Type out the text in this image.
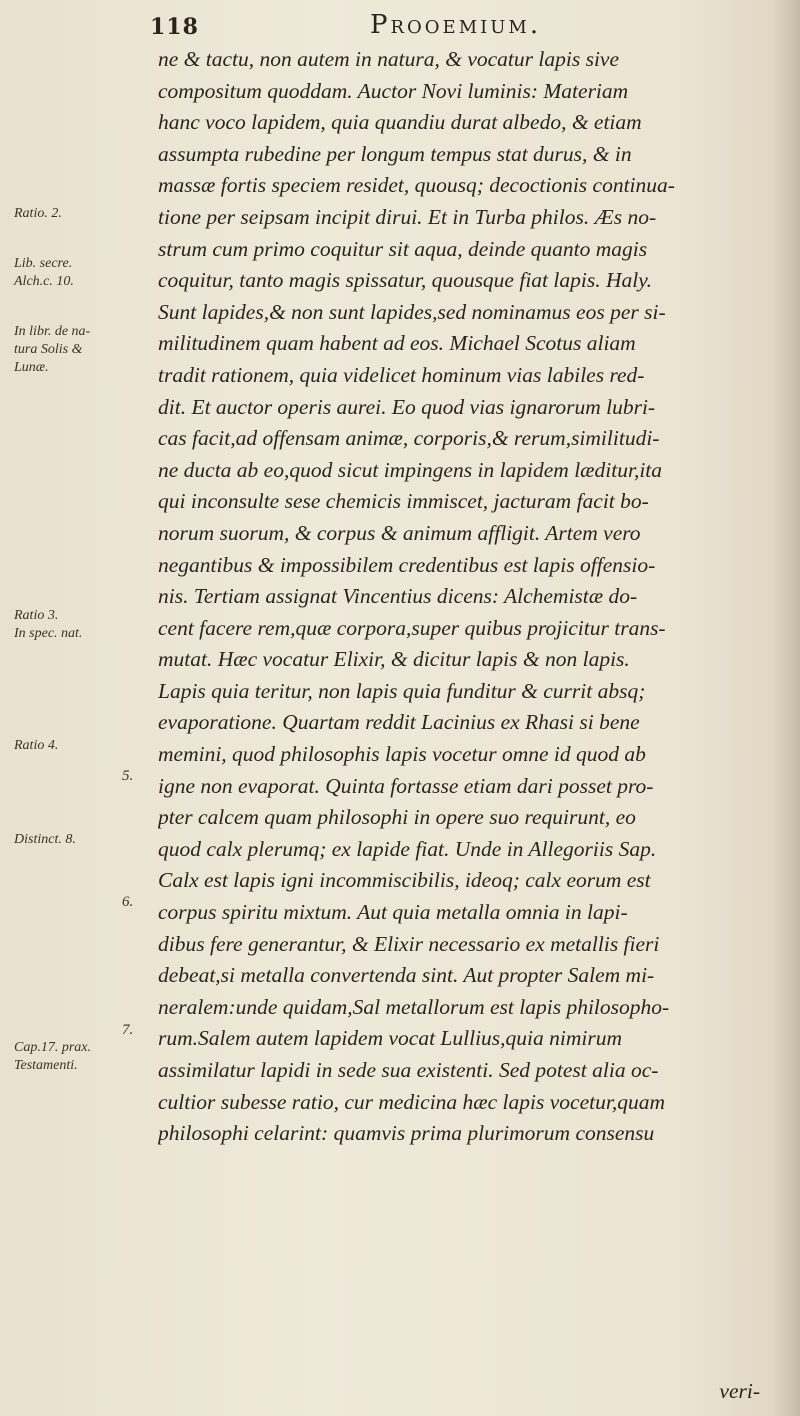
118	Prooemium.
ne & tactu, non autem in natura, & vocatur lapis sive
compositum quoddam. Auctor Novi luminis: Materiam
hanc voco lapidem, quia quandiu durat albedo, & etiam
assumpta rubedine per longum tempus stat durus, & in
massæ fortis speciem residet, quousq; decoctionis continua-
tione per seipsam incipit dirui. Et in Turba philos. Æs no-
strum cum primo coquitur sit aqua, deinde quanto magis
coquitur, tanto magis spissatur, quousque fiat lapis. Haly.
Sunt lapides,& non sunt lapides,sed nominamus eos per si-
militudinem quam habent ad eos. Michael Scotus aliam
tradit rationem, quia videlicet hominum vias labiles red-
dit. Et auctor operis aurei. Eo quod vias ignarorum lubri-
cas facit,ad offensam animæ, corporis,& rerum,similitudi-
ne ducta ab eo,quod sicut impingens in lapidem læditur,ita
qui inconsulte sese chemicis immiscet, jacturam facit bo-
norum suorum, & corpus & animum affligit. Artem vero
negantibus & impossibilem credentibus est lapis offensio-
nis. Tertiam assignat Vincentius dicens: Alchemistæ do-
cent facere rem,quæ corpora,super quibus projicitur trans-
mutat. Hæc vocatur Elixir, & dicitur lapis & non lapis.
Lapis quia teritur, non lapis quia funditur & currit absq;
evaporatione. Quartam reddit Lacinius ex Rhasi si bene
memini, quod philosophis lapis vocetur omne id quod ab
igne non evaporat. Quinta fortasse etiam dari posset pro-
pter calcem quam philosophi in opere suo requirunt, eo
quod calx plerumq; ex lapide fiat. Unde in Allegoriis Sap.
Calx est lapis igni incommiscibilis, ideoq; calx eorum est
corpus spiritu mixtum. Aut quia metalla omnia in lapi-
dibus fere generantur, & Elixir necessario ex metallis fieri
debeat,si metalla convertenda sint. Aut propter Salem mi-
neralem:unde quidam,Sal metallorum est lapis philosopho-
rum.Salem autem lapidem vocat Lullius,quia nimirum
assimilatur lapidi in sede sua existenti. Sed potest alia oc-
cultior subesse ratio, cur medicina hæc lapis vocetur,quam
philosophi celarint: quamvis prima plurimorum consensu
Ratio. 2.
Lib. secre.
Alch.c. 10.
In libr. de na-
tura Solis &
Lunæ.
Ratio 3.
In spec. nat.
Ratio 4.
5.
Distinct. 8.
6.
7.
Cap.17. prax.
Testamenti.
veri-
